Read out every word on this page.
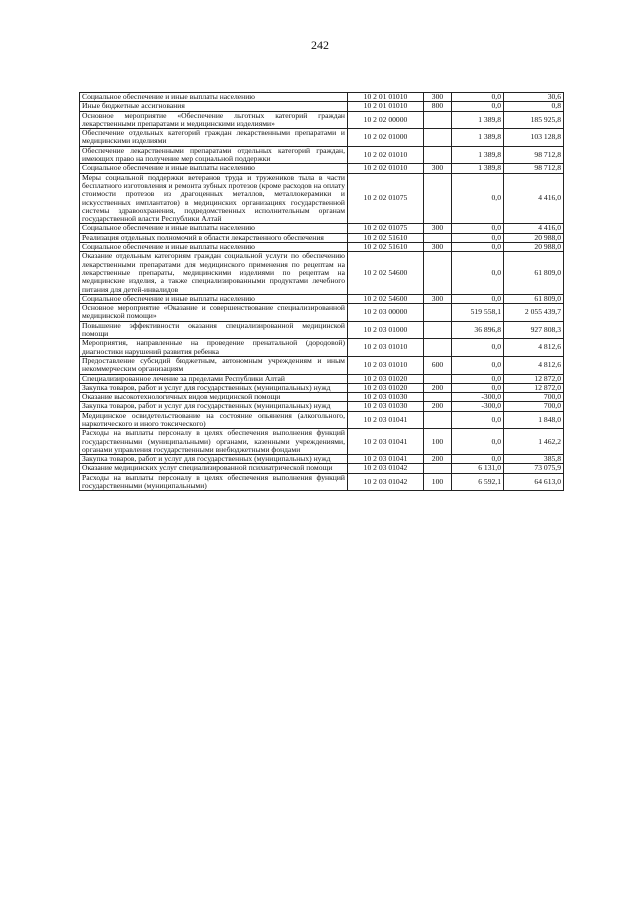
242
Социальное обеспечение и иные выплаты населению	10 2 01 01010	300	0,0	30,6
Иные бюджетные ассигнования	10 2 01 01010	800	0,0	0,8
Основное мероприятие «Обеспечение льготных категорий граждан лекарственными препаратами и медицинскими изделиями»	10 2 02 00000		1 389,8	185 925,8
Обеспечение отдельных категорий граждан лекарственными препаратами и медицинскими изделиями	10 2 02 01000		1 389,8	103 128,8
Обеспечение лекарственными препаратами отдельных категорий граждан, имеющих право на получение мер социальной поддержки	10 2 02 01010		1 389,8	98 712,8
Социальное обеспечение и иные выплаты населению	10 2 02 01010	300	1 389,8	98 712,8
Меры социальной поддержки ветеранов труда и тружеников тыла в части бесплатного изготовления и ремонта зубных протезов (кроме расходов на оплату стоимости протезов из драгоценных металлов, металлокерамики и искусственных имплантатов) в медицинских организациях государственной системы здравоохранения, подведомственных исполнительным органам государственной власти Республики Алтай	10 2 02 01075		0,0	4 416,0
Социальное обеспечение и иные выплаты населению	10 2 02 01075	300	0,0	4 416,0
Реализация отдельных полномочий в области лекарственного обеспечения	10 2 02 51610		0,0	20 988,0
Социальное обеспечение и иные выплаты населению	10 2 02 51610	300	0,0	20 988,0
Оказание отдельным категориям граждан социальной услуги по обеспечению лекарственными препаратами для медицинского применения по рецептам на лекарственные препараты, медицинскими изделиями по рецептам на медицинские изделия, а также специализированными продуктами лечебного питания для детей-инвалидов	10 2 02 54600		0,0	61 809,0
Социальное обеспечение и иные выплаты населению	10 2 02 54600	300	0,0	61 809,0
Основное мероприятие «Оказание и совершенствование специализированной медицинской помощи»	10 2 03 00000		519 558,1	2 055 439,7
Повышение эффективности оказания специализированной медицинской помощи	10 2 03 01000		36 896,8	927 808,3
Мероприятия, направленные на проведение пренатальной (дородовой) диагностики нарушений развития ребенка	10 2 03 01010		0,0	4 812,6
Предоставление субсидий бюджетным, автономным учреждениям и иным некоммерческим организациям	10 2 03 01010	600	0,0	4 812,6
Специализированное лечение за пределами Республики Алтай	10 2 03 01020		0,0	12 872,0
Закупка товаров, работ и услуг для государственных (муниципальных) нужд	10 2 03 01020	200	0,0	12 872,0
Оказание высокотехнологичных видов медицинской помощи	10 2 03 01030		-300,0	700,0
Закупка товаров, работ и услуг для государственных (муниципальных) нужд	10 2 03 01030	200	-300,0	700,0
Медицинское освидетельствование на состояние опьянения (алкогольного, наркотического и иного токсического)	10 2 03 01041		0,0	1 848,0
Расходы на выплаты персоналу в целях обеспечения выполнения функций государственными (муниципальными) органами, казенными учреждениями, органами управления государственными внебюджетными фондами	10 2 03 01041	100	0,0	1 462,2
Закупка товаров, работ и услуг для государственных (муниципальных) нужд	10 2 03 01041	200	0,0	385,8
Оказание медицинских услуг специализированной психиатрической помощи	10 2 03 01042		6 131,0	73 075,9
Расходы на выплаты персоналу в целях обеспечения выполнения функций государственными (муниципальными)	10 2 03 01042	100	6 592,1	64 613,0
